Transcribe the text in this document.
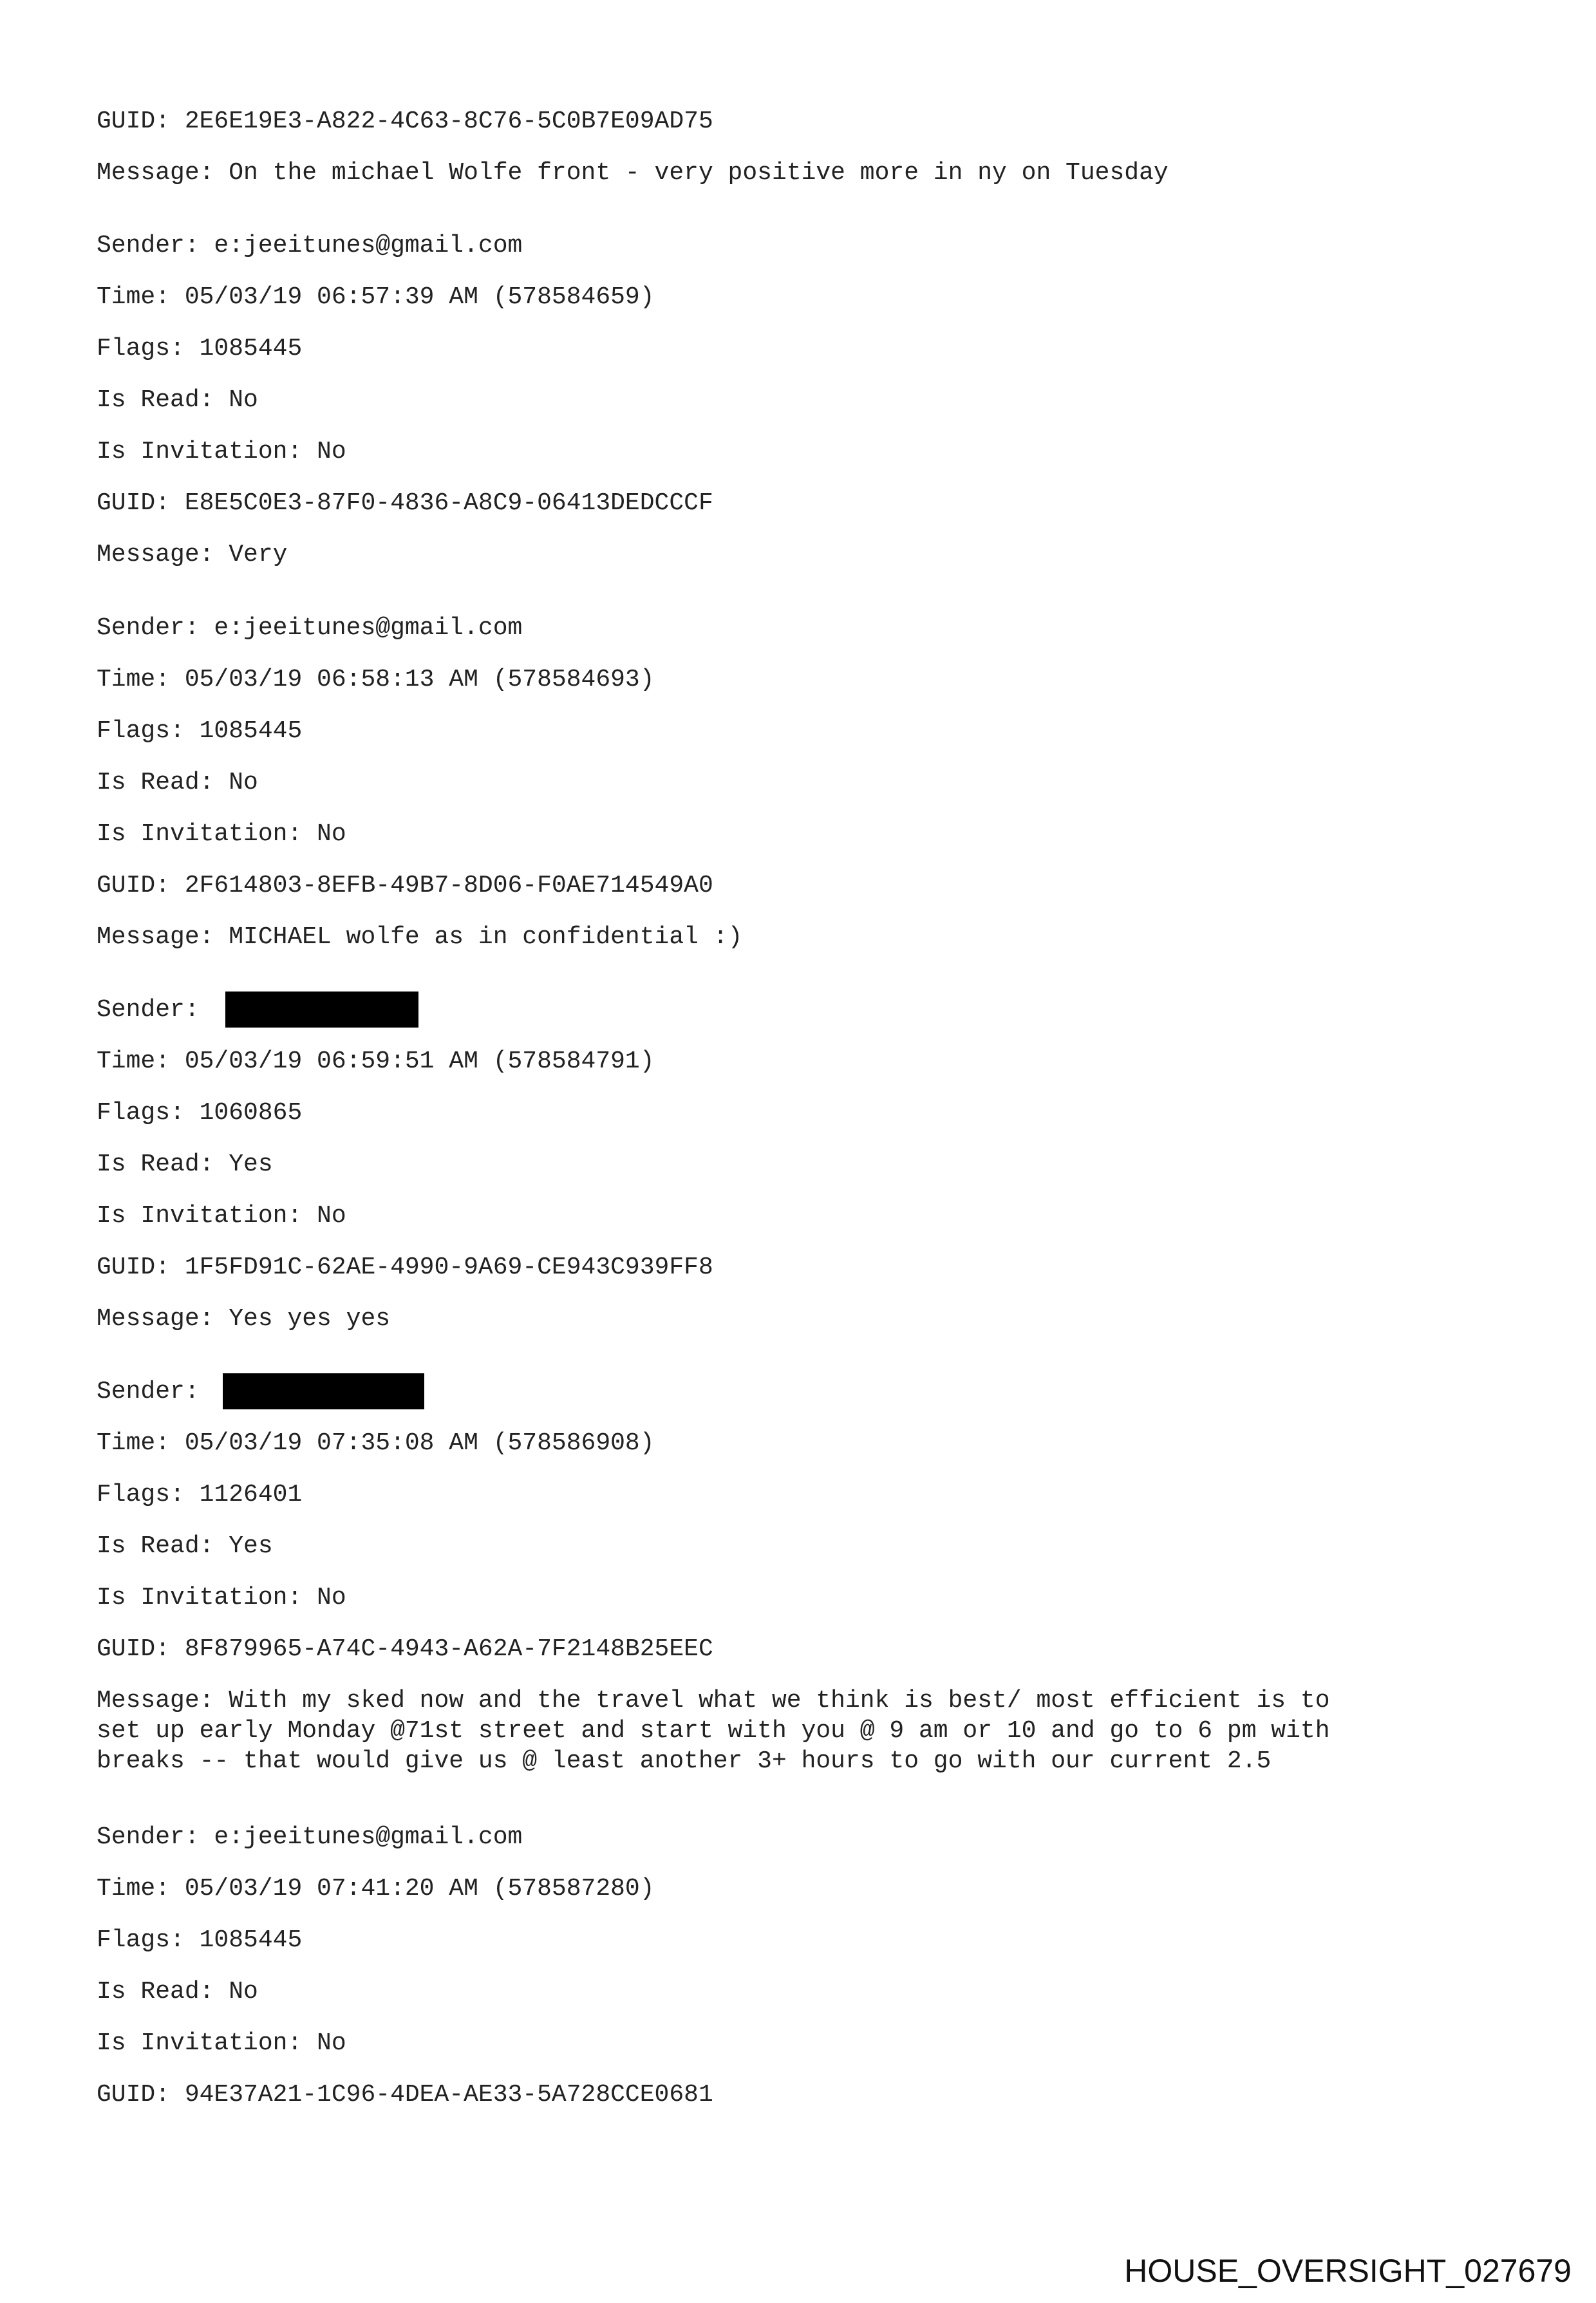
GUID: 2E6E19E3-A822-4C63-8C76-5C0B7E09AD75
Message: On the michael Wolfe front - very positive more in ny on Tuesday
Sender: e:jeeitunes@gmail.com
Time: 05/03/19 06:57:39 AM (578584659)
Flags: 1085445
Is Read: No
Is Invitation: No
GUID: E8E5C0E3-87F0-4836-A8C9-06413DEDCCCF
Message: Very
Sender: e:jeeitunes@gmail.com
Time: 05/03/19 06:58:13 AM (578584693)
Flags: 1085445
Is Read: No
Is Invitation: No
GUID: 2F614803-8EFB-49B7-8D06-F0AE714549A0
Message: MICHAEL wolfe as in confidential :)
Sender:
Time: 05/03/19 06:59:51 AM (578584791)
Flags: 1060865
Is Read: Yes
Is Invitation: No
GUID: 1F5FD91C-62AE-4990-9A69-CE943C939FF8
Message: Yes yes yes
Sender:
Time: 05/03/19 07:35:08 AM (578586908)
Flags: 1126401
Is Read: Yes
Is Invitation: No
GUID: 8F879965-A74C-4943-A62A-7F2148B25EEC
Message: With my sked now and the travel what we think is best/ most efficient is to
set up early Monday @71st street and start with you @ 9 am or 10 and go to 6 pm with
breaks -- that would give us @ least another 3+ hours to go with our current 2.5
Sender: e:jeeitunes@gmail.com
Time: 05/03/19 07:41:20 AM (578587280)
Flags: 1085445
Is Read: No
Is Invitation: No
GUID: 94E37A21-1C96-4DEA-AE33-5A728CCE0681
HOUSE_OVERSIGHT_027679
